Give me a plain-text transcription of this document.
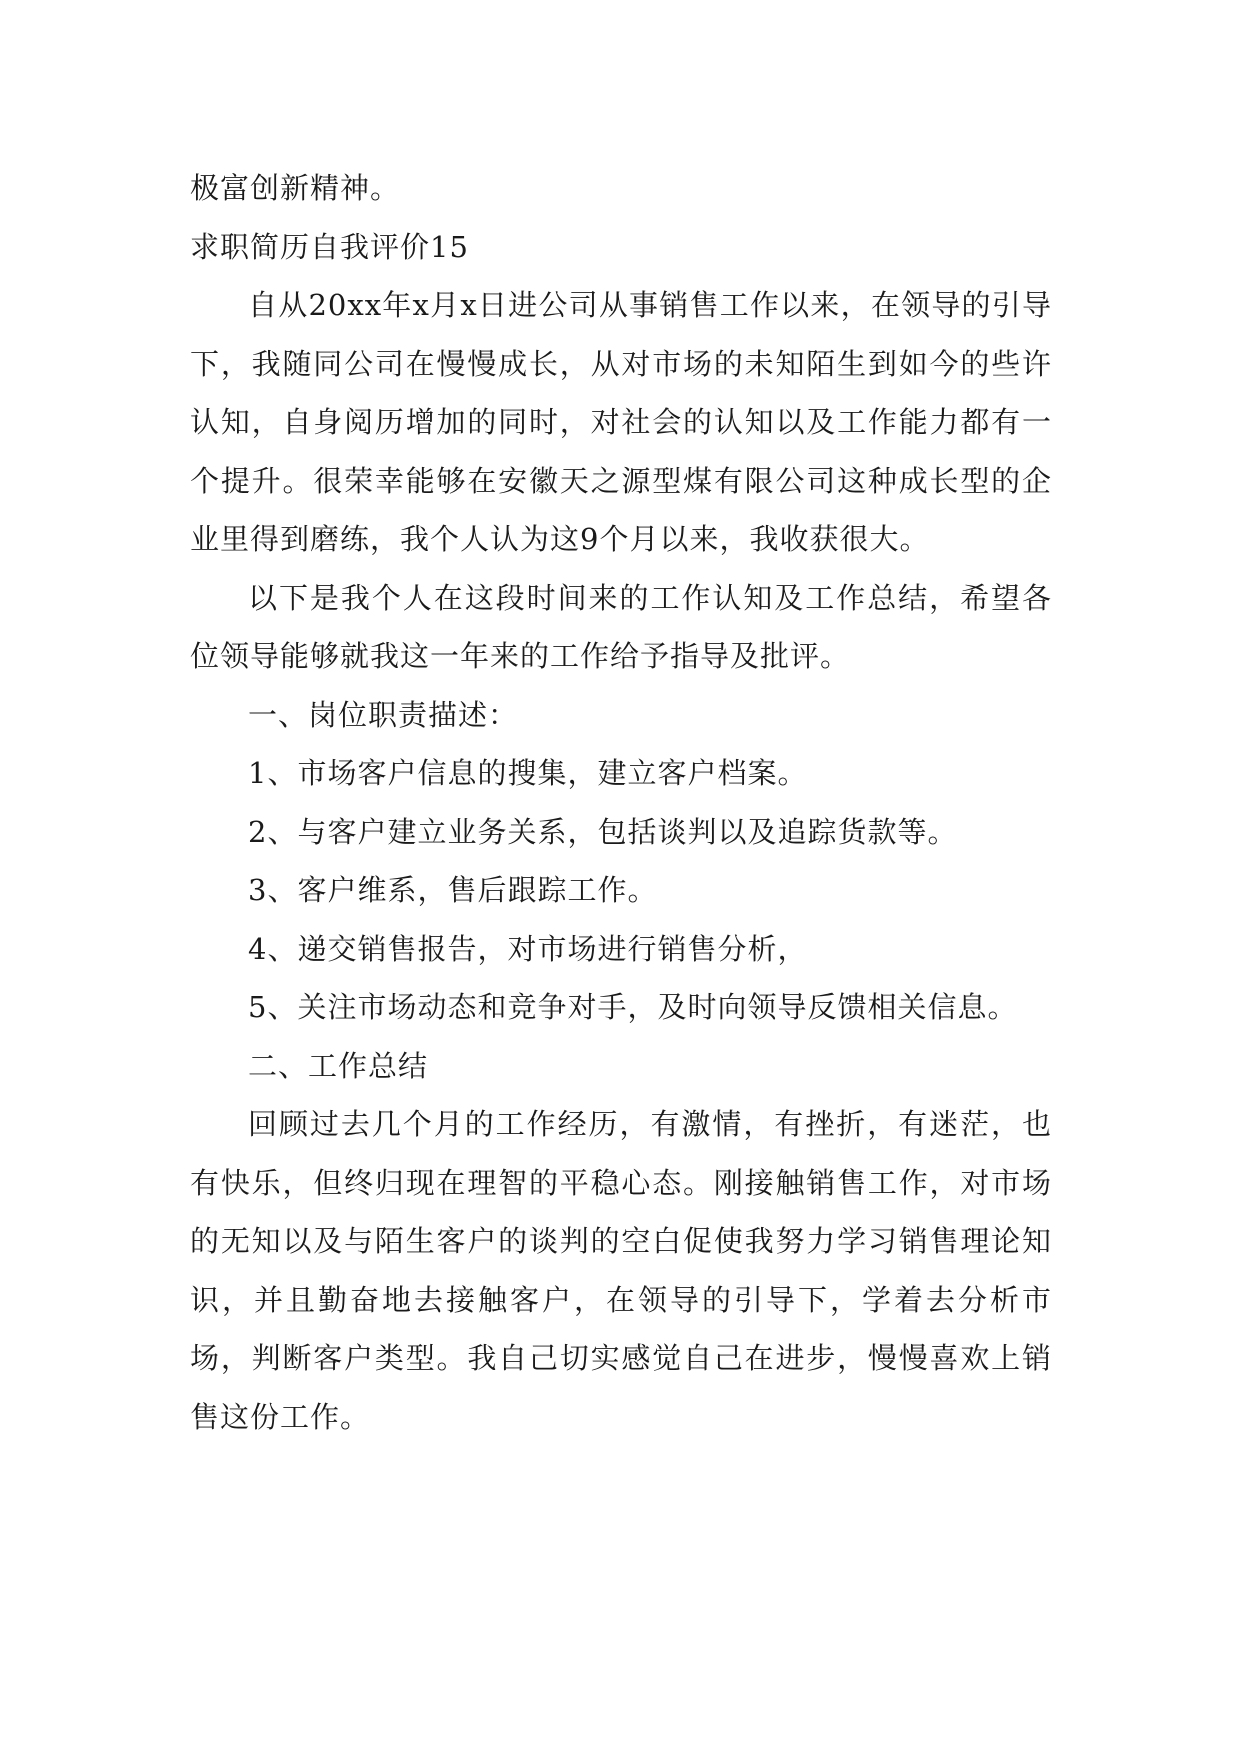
极富创新精神。

求职简历自我评价15

自从20xx年x月x日进公司从事销售工作以来，在领导的引导下，我随同公司在慢慢成长，从对市场的未知陌生到如今的些许认知，自身阅历增加的同时，对社会的认知以及工作能力都有一个提升。很荣幸能够在安徽天之源型煤有限公司这种成长型的企业里得到磨练，我个人认为这9个月以来，我收获很大。

以下是我个人在这段时间来的工作认知及工作总结，希望各位领导能够就我这一年来的工作给予指导及批评。

一、岗位职责描述：

1、市场客户信息的搜集，建立客户档案。

2、与客户建立业务关系，包括谈判以及追踪货款等。

3、客户维系，售后跟踪工作。

4、递交销售报告，对市场进行销售分析，

5、关注市场动态和竞争对手，及时向领导反馈相关信息。

二、工作总结

回顾过去几个月的工作经历，有激情，有挫折，有迷茫，也有快乐，但终归现在理智的平稳心态。刚接触销售工作，对市场的无知以及与陌生客户的谈判的空白促使我努力学习销售理论知识，并且勤奋地去接触客户，在领导的引导下，学着去分析市场，判断客户类型。我自己切实感觉自己在进步，慢慢喜欢上销售这份工作。
